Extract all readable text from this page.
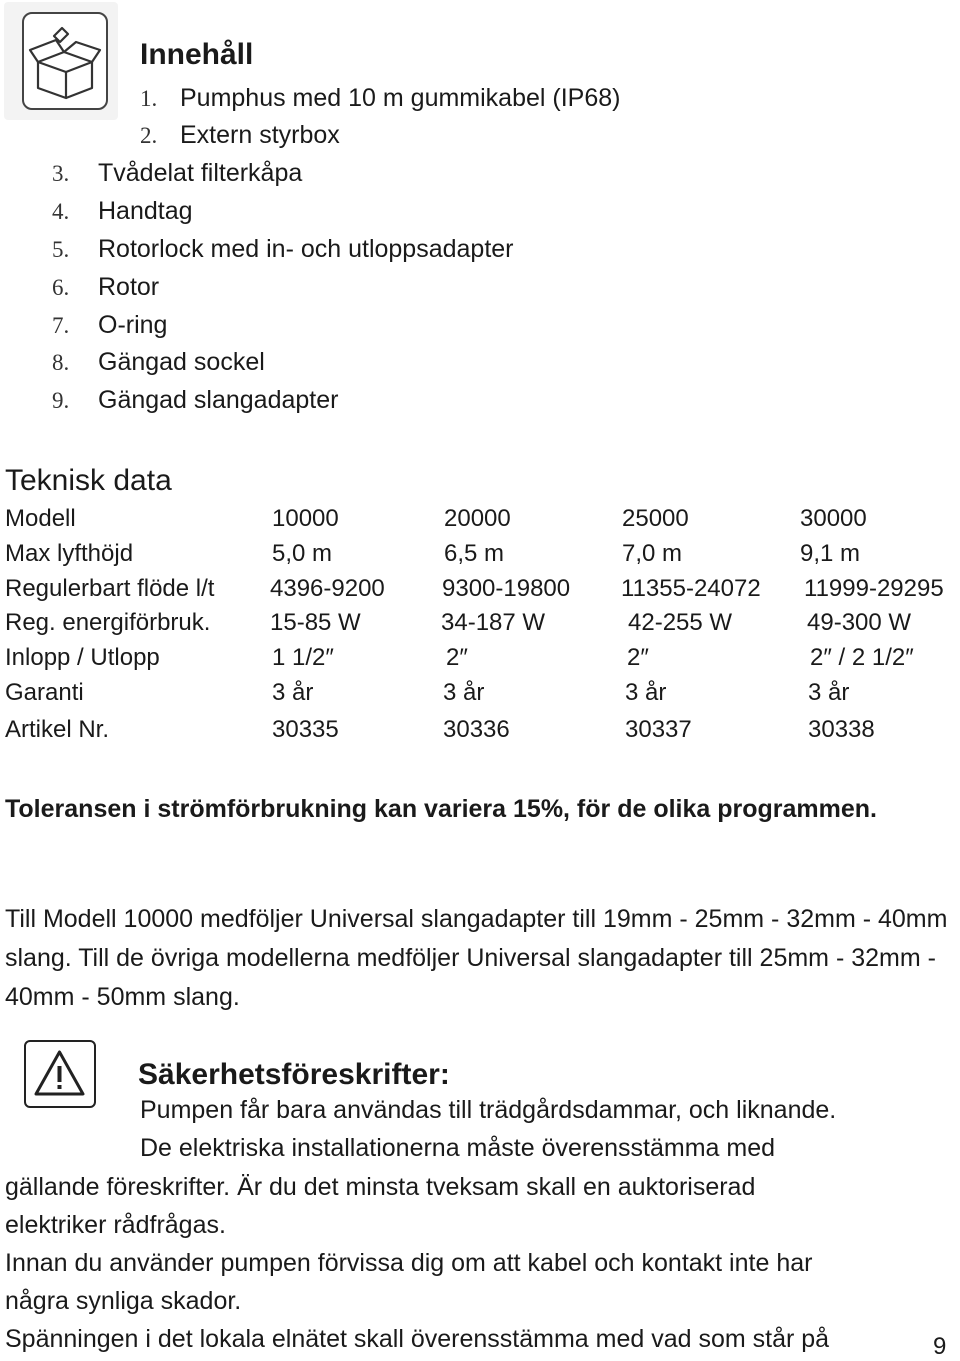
Innehåll
1. Pumphus med 10 m gummikabel (IP68)
2. Extern styrbox
3. Tvådelat filterkåpa
4. Handtag
5. Rotorlock med in- och utloppsadapter
6. Rotor
7. O-ring
8. Gängad sockel
9. Gängad slangadapter
Teknisk data
Modell	10000	20000	25000	30000
Max lyfthöjd	5,0 m	6,5 m	7,0 m	9,1 m
Regulerbart flöde l/t 4396-9200 9300-19800 11355-24072 11999-29295
Reg. energiförbruk. 15-85 W	34-187 W	42-255 W	49-300 W
Inlopp / Utlopp	1 1/2″	2″	2″	2″ / 2 1/2″
Garanti	3 år	3 år	3 år	3 år
Artikel Nr.	30335	30336	30337	30338
Toleransen i strömförbrukning kan variera 15%, för de olika programmen.
Till Modell 10000 medföljer Universal slangadapter till 19mm - 25mm - 32mm - 40mm slang. Till de övriga modellerna medföljer Universal slangadapter till 25mm - 32mm - 40mm - 50mm slang.
Säkerhetsföreskrifter:
Pumpen får bara användas till trädgårdsdammar, och liknande.
De elektriska installationerna måste överensstämma med
gällande föreskrifter. Är du det minsta tveksam skall en auktoriserad
elektriker rådfrågas.
Innan du använder pumpen förvissa dig om att kabel och kontakt inte har
några synliga skador.
Spänningen i det lokala elnätet skall överensstämma med vad som står på	9
